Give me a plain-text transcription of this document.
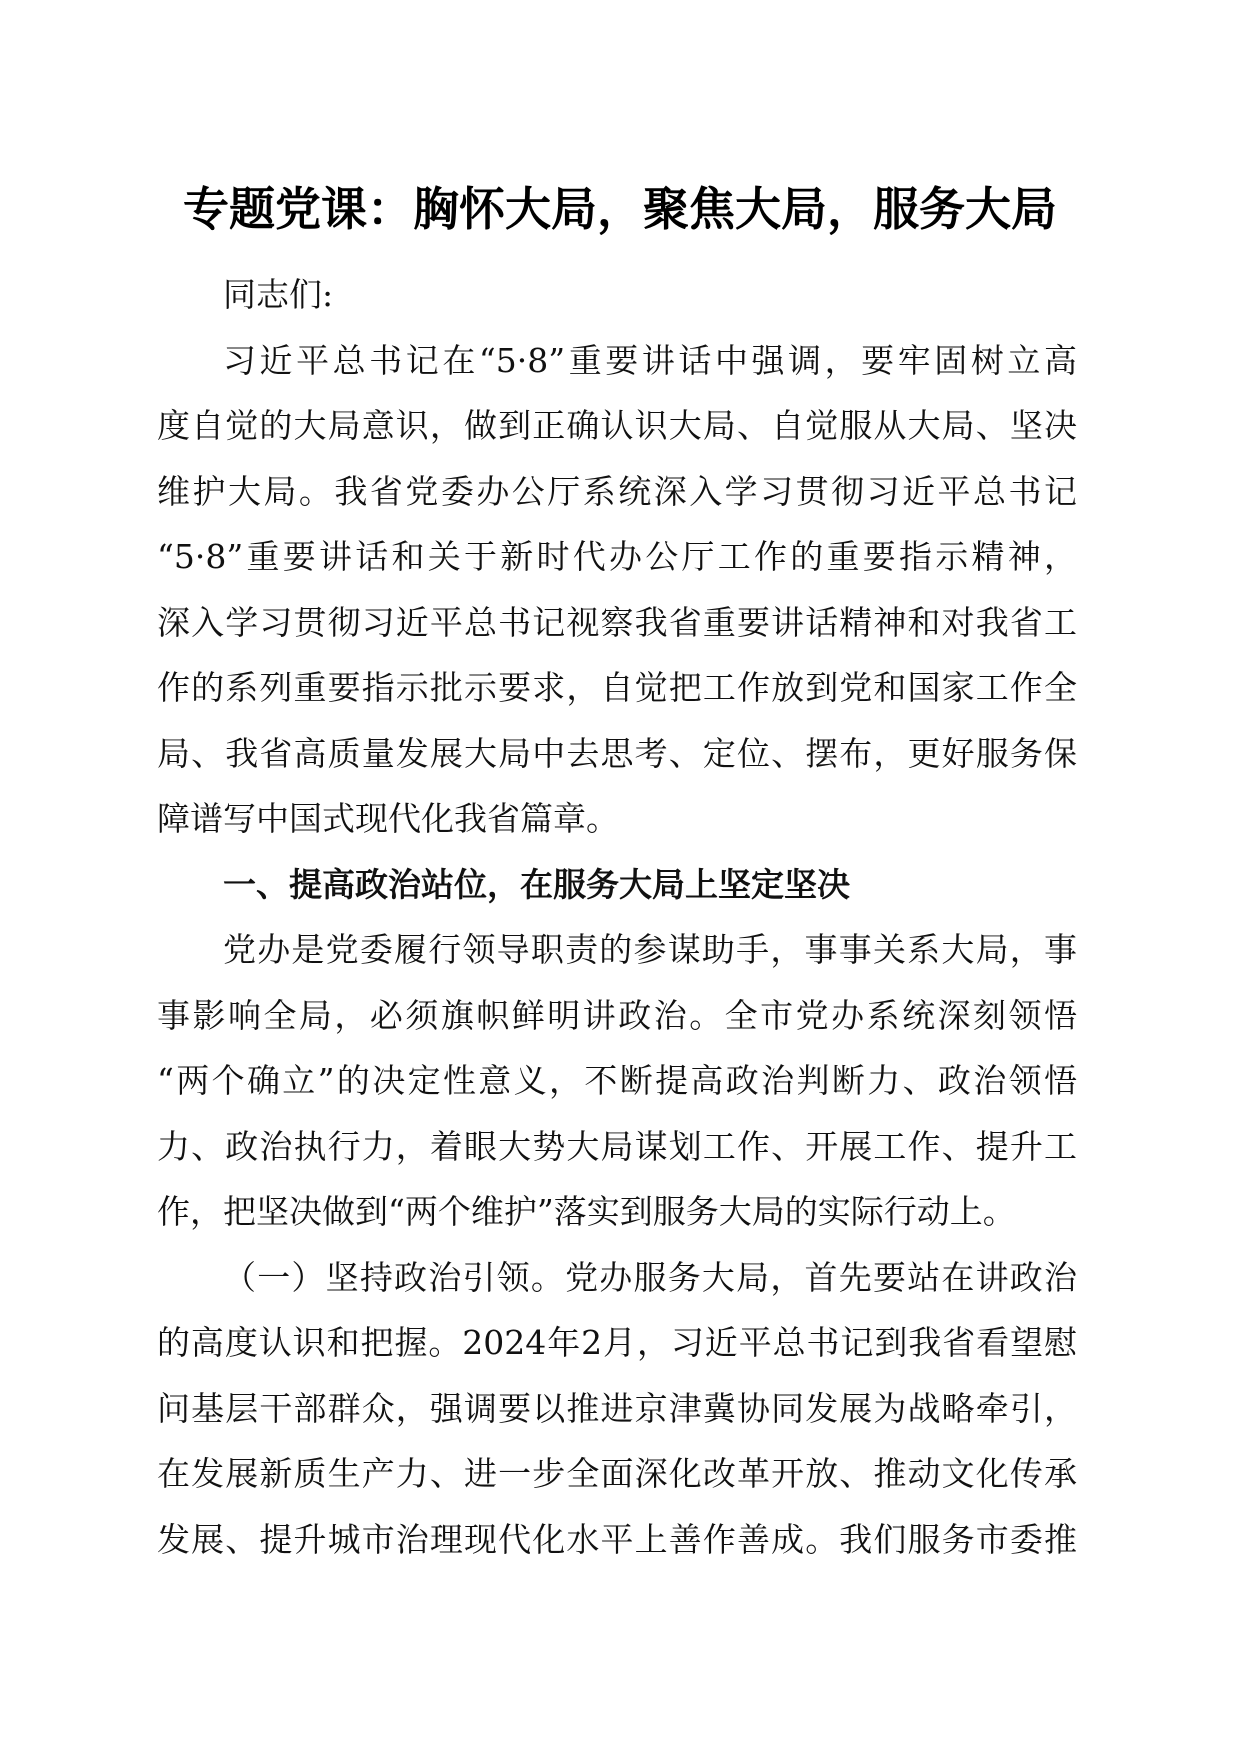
专题党课：胸怀大局，聚焦大局，服务大局
同志们:
习近平总书记在“5·8”重要讲话中强调，要牢固树立高
度自觉的大局意识，做到正确认识大局、自觉服从大局、坚决
维护大局。我省党委办公厅系统深入学习贯彻习近平总书记
“5·8”重要讲话和关于新时代办公厅工作的重要指示精神，
深入学习贯彻习近平总书记视察我省重要讲话精神和对我省工
作的系列重要指示批示要求，自觉把工作放到党和国家工作全
局、我省高质量发展大局中去思考、定位、摆布，更好服务保
障谱写中国式现代化我省篇章。
一、提高政治站位，在服务大局上坚定坚决
党办是党委履行领导职责的参谋助手，事事关系大局，事
事影响全局，必须旗帜鲜明讲政治。全市党办系统深刻领悟
“两个确立”的决定性意义，不断提高政治判断力、政治领悟
力、政治执行力，着眼大势大局谋划工作、开展工作、提升工
作，把坚决做到“两个维护”落实到服务大局的实际行动上。
（一）坚持政治引领。党办服务大局，首先要站在讲政治
的高度认识和把握。2024年2月，习近平总书记到我省看望慰
问基层干部群众，强调要以推进京津冀协同发展为战略牵引，
在发展新质生产力、进一步全面深化改革开放、推动文化传承
发展、提升城市治理现代化水平上善作善成。我们服务市委推
